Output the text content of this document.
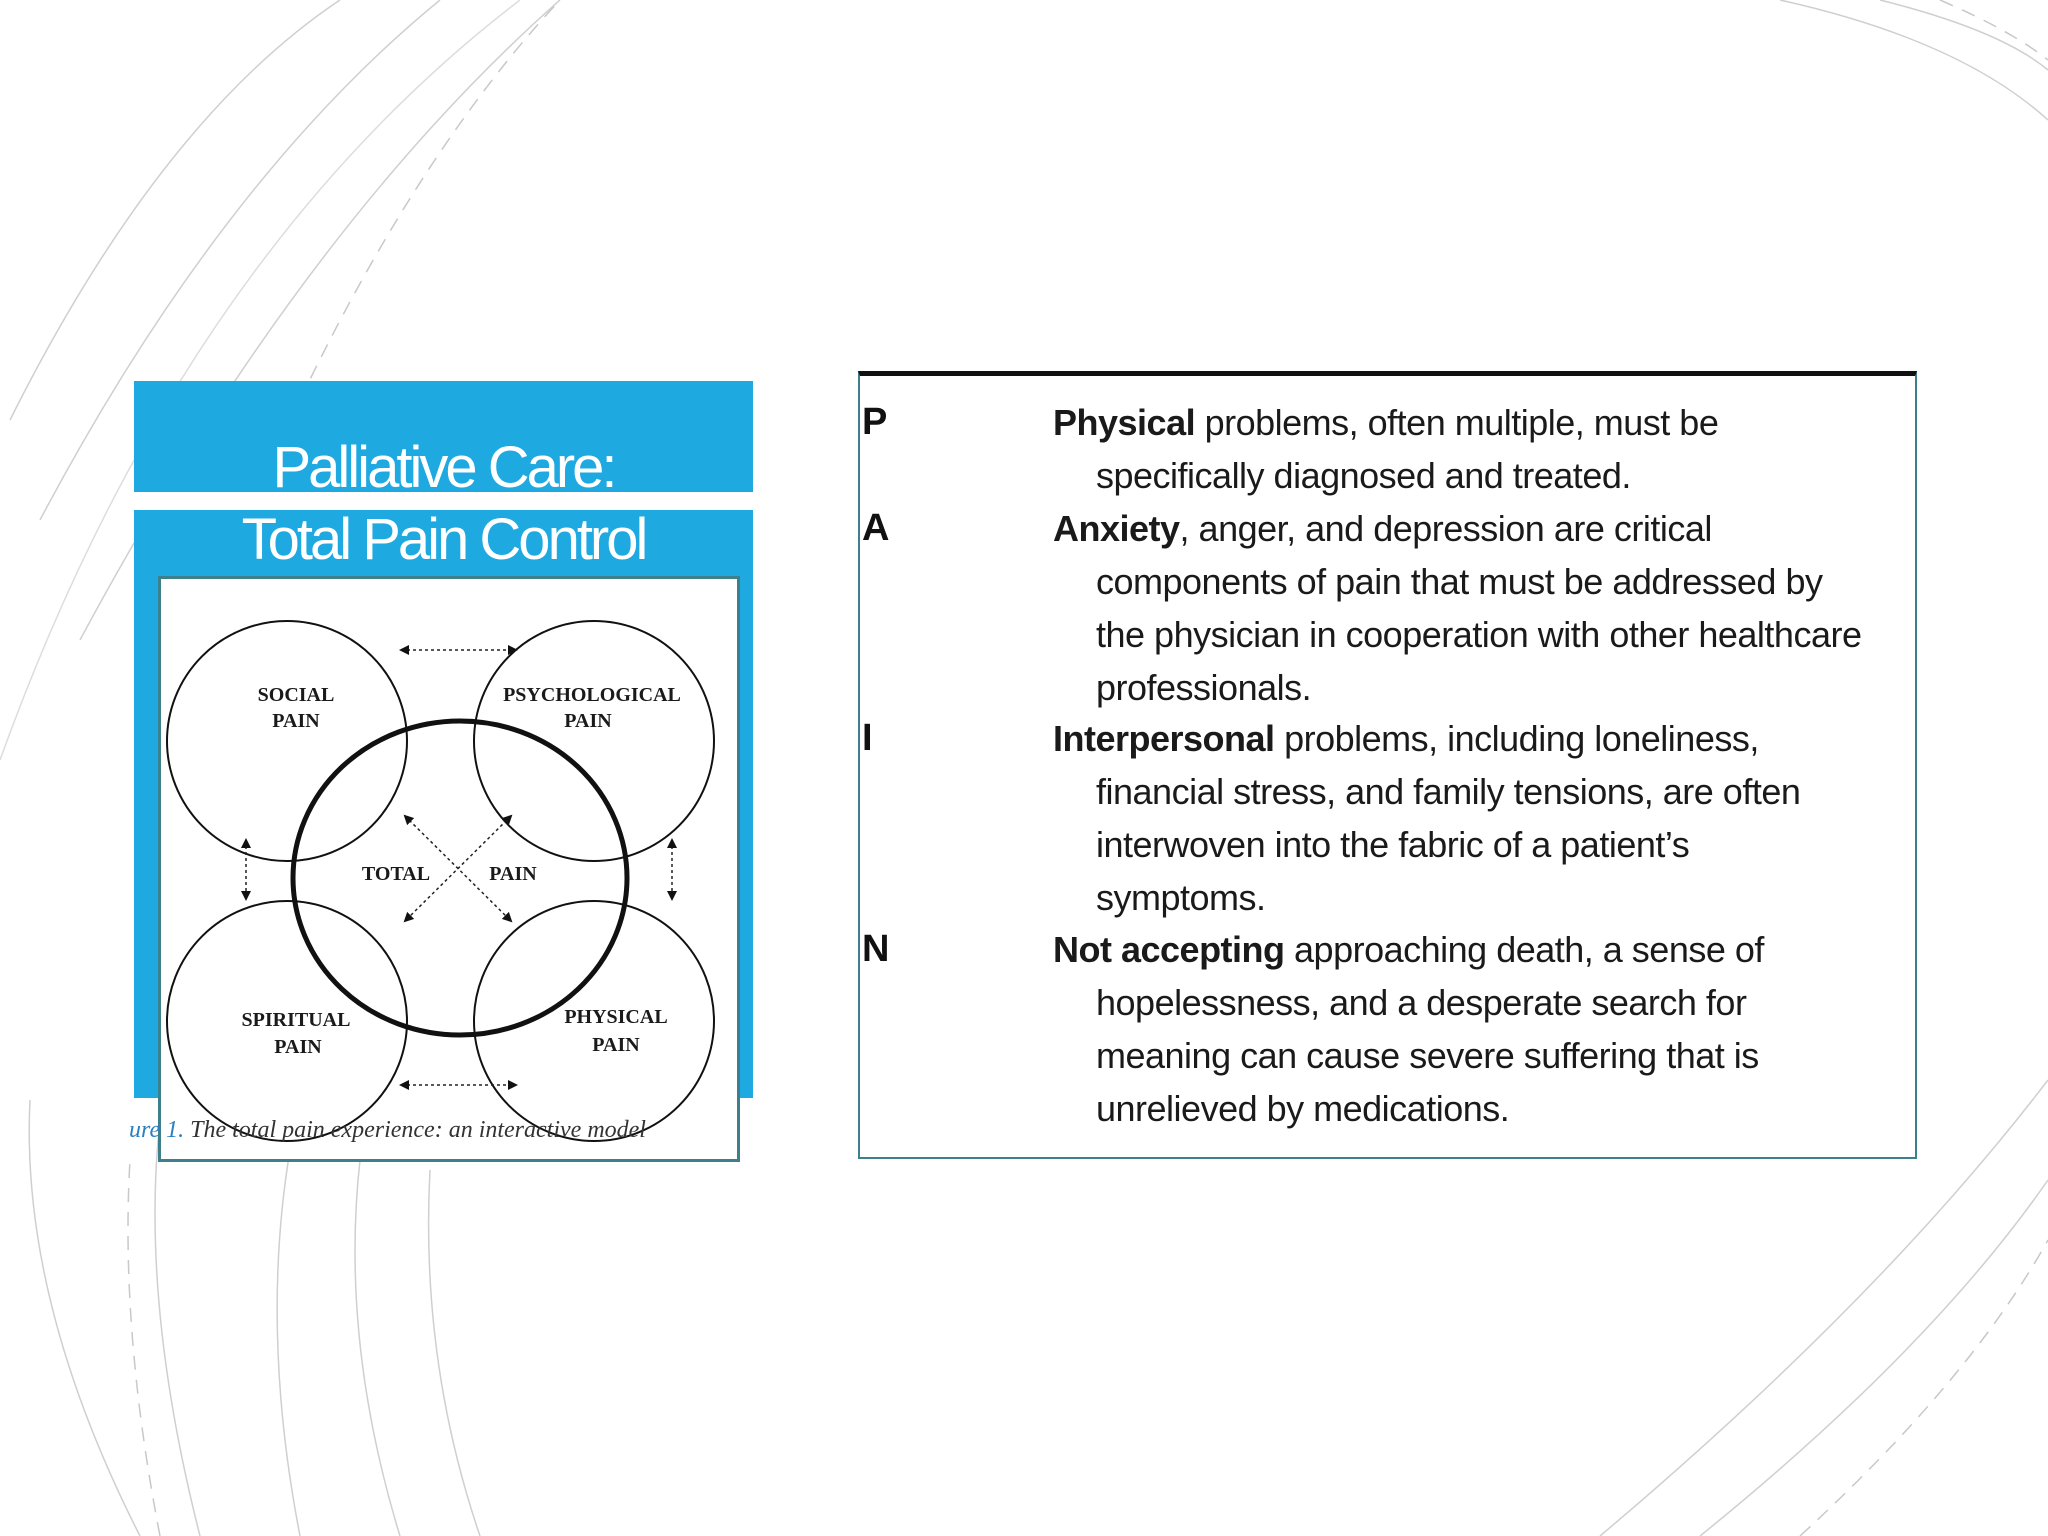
Palliative Care:
Total Pain Control
SOCIAL
PAIN
PSYCHOLOGICAL
PAIN
TOTAL	PAIN
SPIRITUAL
PAIN
PHYSICAL
PAIN
ure 1. The total pain experience: an interactive model
P	Physical problems, often multiple, must be
specifically diagnosed and treated.
A	Anxiety, anger, and depression are critical
components of pain that must be addressed by
the physician in cooperation with other healthcare
professionals.
I	Interpersonal problems, including loneliness,
financial stress, and family tensions, are often
interwoven into the fabric of a patient’s
symptoms.
N	Not accepting approaching death, a sense of
hopelessness, and a desperate search for
meaning can cause severe suffering that is
unrelieved by medications.
